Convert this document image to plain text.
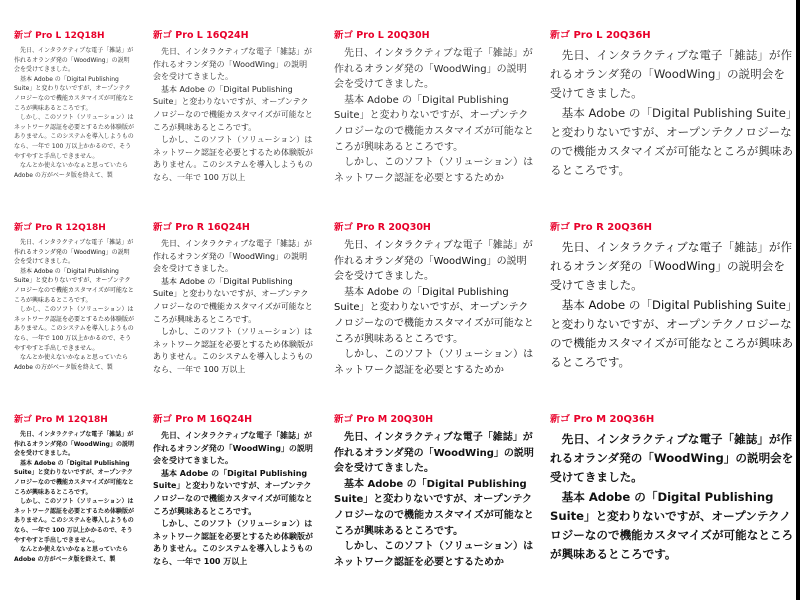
新ゴ Pro L 12Q18H

先日、インタラクティブな電子「雑誌」が作れるオランダ発の「WoodWing」の説明会を受けてきました。

基本 Adobe の「Digital Publishing Suite」と変わりないですが、オープンテクノロジーなので機能カスタマイズが可能なところが興味あるところです。

しかし、このソフト（ソリューション）はネットワーク認証を必要とするため体験版がありません。このシステムを導入しようものなら、一年で 100 万以上かかるので、そうやすやすと手出しできません。

なんとか使えないかなぁと思っていたら Adobe の方がベータ版を終えて、製

新ゴ Pro L 16Q24H

先日、インタラクティブな電子「雑誌」が作れるオランダ発の「WoodWing」の説明会を受けてきました。

基本 Adobe の「Digital Publishing Suite」と変わりないですが、オープンテクノロジーなので機能カスタマイズが可能なところが興味あるところです。

しかし、このソフト（ソリューション）はネットワーク認証を必要とするため体験版がありません。このシステムを導入しようものなら、一年で 100 万以上

新ゴ Pro L 20Q30H

先日、インタラクティブな電子「雑誌」が作れるオランダ発の「WoodWing」の説明会を受けてきました。

基本 Adobe の「Digital Publishing Suite」と変わりないですが、オープンテクノロジーなので機能カスタマイズが可能なところが興味あるところです。

しかし、このソフト（ソリューション）はネットワーク認証を必要とするためか

新ゴ Pro L 20Q36H

先日、インタラクティブな電子「雑誌」が作れるオランダ発の「WoodWing」の説明会を受けてきました。

基本 Adobe の「Digital Publishing Suite」と変わりないですが、オープンテクノロジーなので機能カスタマイズが可能なところが興味あるところです。

新ゴ Pro R 12Q18H

先日、インタラクティブな電子「雑誌」が作れるオランダ発の「WoodWing」の説明会を受けてきました。

基本 Adobe の「Digital Publishing Suite」と変わりないですが、オープンテクノロジーなので機能カスタマイズが可能なところが興味あるところです。

しかし、このソフト（ソリューション）はネットワーク認証を必要とするため体験版がありません。このシステムを導入しようものなら、一年で 100 万以上かかるので、そうやすやすと手出しできません。

なんとか使えないかなぁと思っていたら Adobe の方がベータ版を終えて、製

新ゴ Pro R 16Q24H

先日、インタラクティブな電子「雑誌」が作れるオランダ発の「WoodWing」の説明会を受けてきました。

基本 Adobe の「Digital Publishing Suite」と変わりないですが、オープンテクノロジーなので機能カスタマイズが可能なところが興味あるところです。

しかし、このソフト（ソリューション）はネットワーク認証を必要とするため体験版がありません。このシステムを導入しようものなら、一年で 100 万以上

新ゴ Pro R 20Q30H

先日、インタラクティブな電子「雑誌」が作れるオランダ発の「WoodWing」の説明会を受けてきました。

基本 Adobe の「Digital Publishing Suite」と変わりないですが、オープンテクノロジーなので機能カスタマイズが可能なところが興味あるところです。

しかし、このソフト（ソリューション）はネットワーク認証を必要とするためか

新ゴ Pro R 20Q36H

先日、インタラクティブな電子「雑誌」が作れるオランダ発の「WoodWing」の説明会を受けてきました。

基本 Adobe の「Digital Publishing Suite」と変わりないですが、オープンテクノロジーなので機能カスタマイズが可能なところが興味あるところです。

新ゴ Pro M 12Q18H

先日、インタラクティブな電子「雑誌」が作れるオランダ発の「WoodWing」の説明会を受けてきました。

基本 Adobe の「Digital Publishing Suite」と変わりないですが、オープンテクノロジーなので機能カスタマイズが可能なところが興味あるところです。

しかし、このソフト（ソリューション）はネットワーク認証を必要とするため体験版がありません。このシステムを導入しようものなら、一年で 100 万以上かかるので、そうやすやすと手出しできません。

なんとか使えないかなぁと思っていたら Adobe の方がベータ版を終えて、製

新ゴ Pro M 16Q24H

先日、インタラクティブな電子「雑誌」が作れるオランダ発の「WoodWing」の説明会を受けてきました。

基本 Adobe の「Digital Publishing Suite」と変わりないですが、オープンテクノロジーなので機能カスタマイズが可能なところが興味あるところです。

しかし、このソフト（ソリューション）はネットワーク認証を必要とするため体験版がありません。このシステムを導入しようものなら、一年で 100 万以上

新ゴ Pro M 20Q30H

先日、インタラクティブな電子「雑誌」が作れるオランダ発の「WoodWing」の説明会を受けてきました。

基本 Adobe の「Digital Publishing Suite」と変わりないですが、オープンテクノロジーなので機能カスタマイズが可能なところが興味あるところです。

しかし、このソフト（ソリューション）はネットワーク認証を必要とするためか

新ゴ Pro M 20Q36H

先日、インタラクティブな電子「雑誌」が作れるオランダ発の「WoodWing」の説明会を受けてきました。

基本 Adobe の「Digital Publishing Suite」と変わりないですが、オープンテクノロジーなので機能カスタマイズが可能なところが興味あるところです。
